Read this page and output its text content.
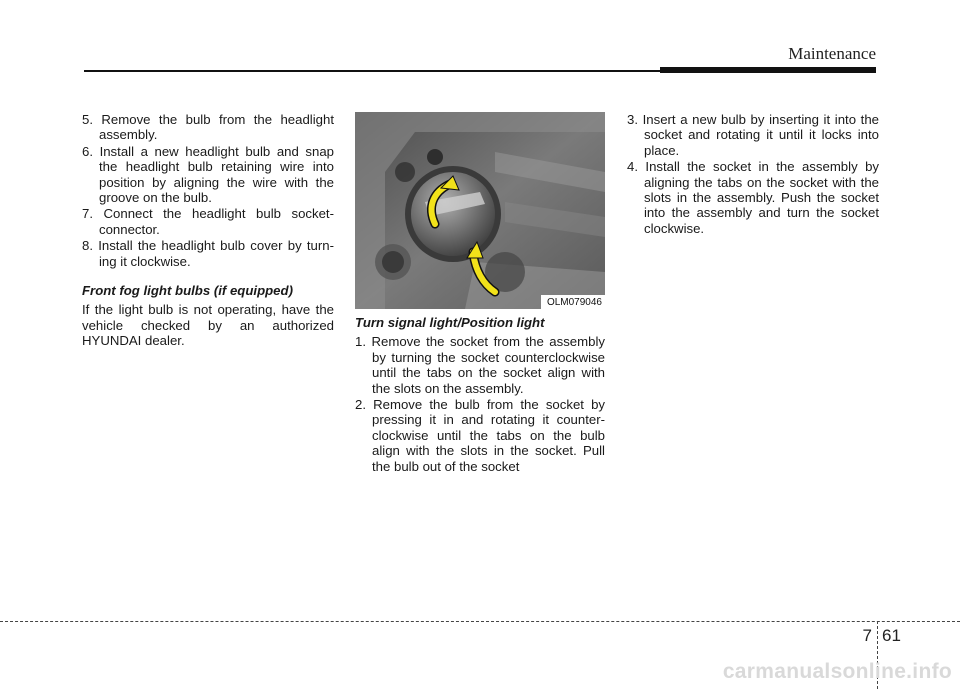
Maintenance
5. Remove the bulb from the headlight assembly.
6. Install a new headlight bulb and snap the headlight bulb retaining wire into position by aligning the wire with the groove on the bulb.
7. Connect the headlight bulb socket-connector.
8. Install the headlight bulb cover by turn-ing it clockwise.
Front fog light bulbs (if equipped)

If the light bulb is not operating, have the vehicle checked by an authorized HYUNDAI dealer.

OLM079046
Turn signal light/Position light
1. Remove the socket from the assembly by turning the socket counterclockwise until the tabs on the socket align with the slots on the assembly.
2. Remove the bulb from the socket by pressing it in and rotating it counter-clockwise until the tabs on the bulb align with the slots in the socket. Pull the bulb out of the socket
3. Insert a new bulb by inserting it into the socket and rotating it until it locks into place.
4. Install the socket in the assembly by aligning the tabs on the socket with the slots in the assembly. Push the socket into the assembly and turn the socket clockwise.
7 61
carmanualsonline.info
